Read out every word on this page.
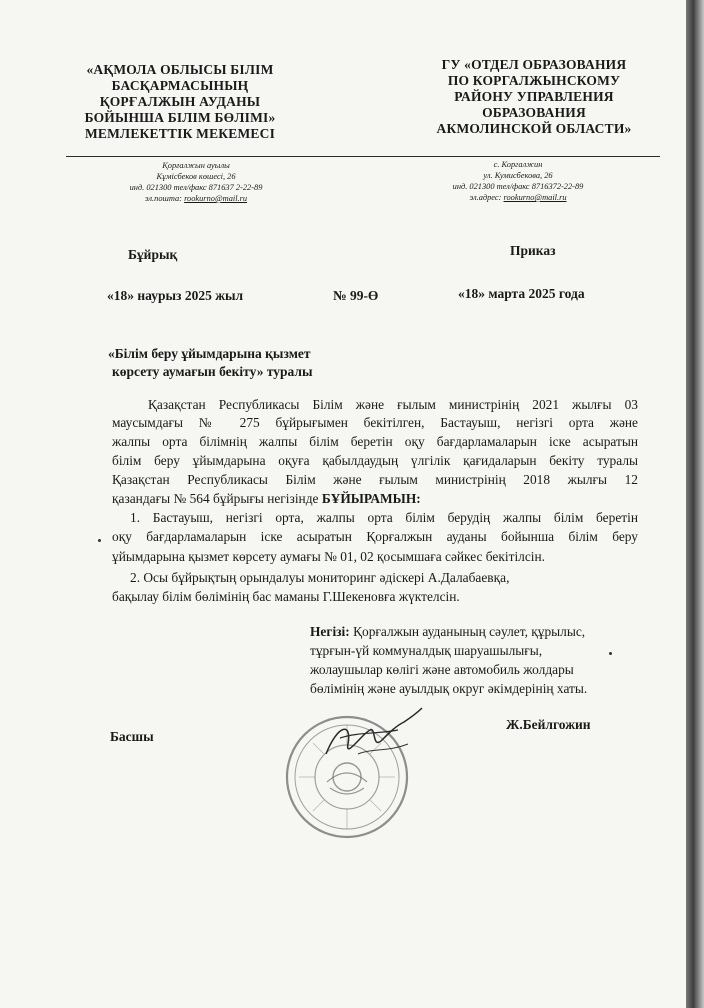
«АҚМОЛА ОБЛЫСЫ БІЛІМ

БАСҚАРМАСЫНЫҢ

ҚОРҒАЛЖЫН АУДАНЫ

БОЙЫНША БІЛІМ БӨЛІМІ»

МЕМЛЕКЕТТІК МЕКЕМЕСІ

ГУ «ОТДЕЛ ОБРАЗОВАНИЯ

ПО КОРГАЛЖЫНСКОМУ

РАЙОНУ УПРАВЛЕНИЯ

ОБРАЗОВАНИЯ

АКМОЛИНСКОЙ ОБЛАСТИ»

Қорғалжын ауылы

Кұмісбеков көшесі, 26

инд. 021300 тел/факс 871637 2-22-89

эл.пошта: rookurno@mail.ru

с. Коргалжин

ул. Кумисбекова, 26

инд. 021300 тел/факс 8716372-22-89

эл.адрес: rookurno@mail.ru

Бұйрық	Приказ
«18» наурыз 2025 жыл	№ 99-Ө	«18» марта 2025 года
«Білім беру ұйымдарына қызмет
көрсету аумағын бекіту» туралы
Қазақстан Республикасы Білім және ғылым министрінің 2021 жылғы 03
маусымдағы № 275 бұйрығымен бекітілген, Бастауыш, негізгі орта және
жалпы орта білімнің жалпы білім беретін оқу бағдарламаларын іске асыратын
білім беру ұйымдарына оқуға қабылдаудың үлгілік қағидаларын бекіту туралы
Қазақстан Республикасы Білім және ғылым министрінің 2018 жылғы 12
қазандағы № 564 бұйрығы негізінде БҰЙЫРАМЫН:
1. Бастауыш, негізгі орта, жалпы орта білім берудің жалпы білім беретін
оқу бағдарламаларын іске асыратын Қорғалжын ауданы бойынша білім беру
ұйымдарына қызмет көрсету аумағы № 01, 02 қосымшаға сәйкес бекітілсін.
2. Осы бұйрықтың орындалуы мониторинг әдіскері А.Далабаевқа,
бақылау білім бөлімінің бас маманы Г.Шекеновға жүктелсін.
Негізі: Қорғалжын ауданының сәулет, құрылыс,
тұрғын-үй коммуналдық шаруашылығы,
жолаушылар көлігі және автомобиль жолдары
бөлімінің және ауылдық округ әкімдерінің хаты.
Басшы
Ж.Бейлгожин
